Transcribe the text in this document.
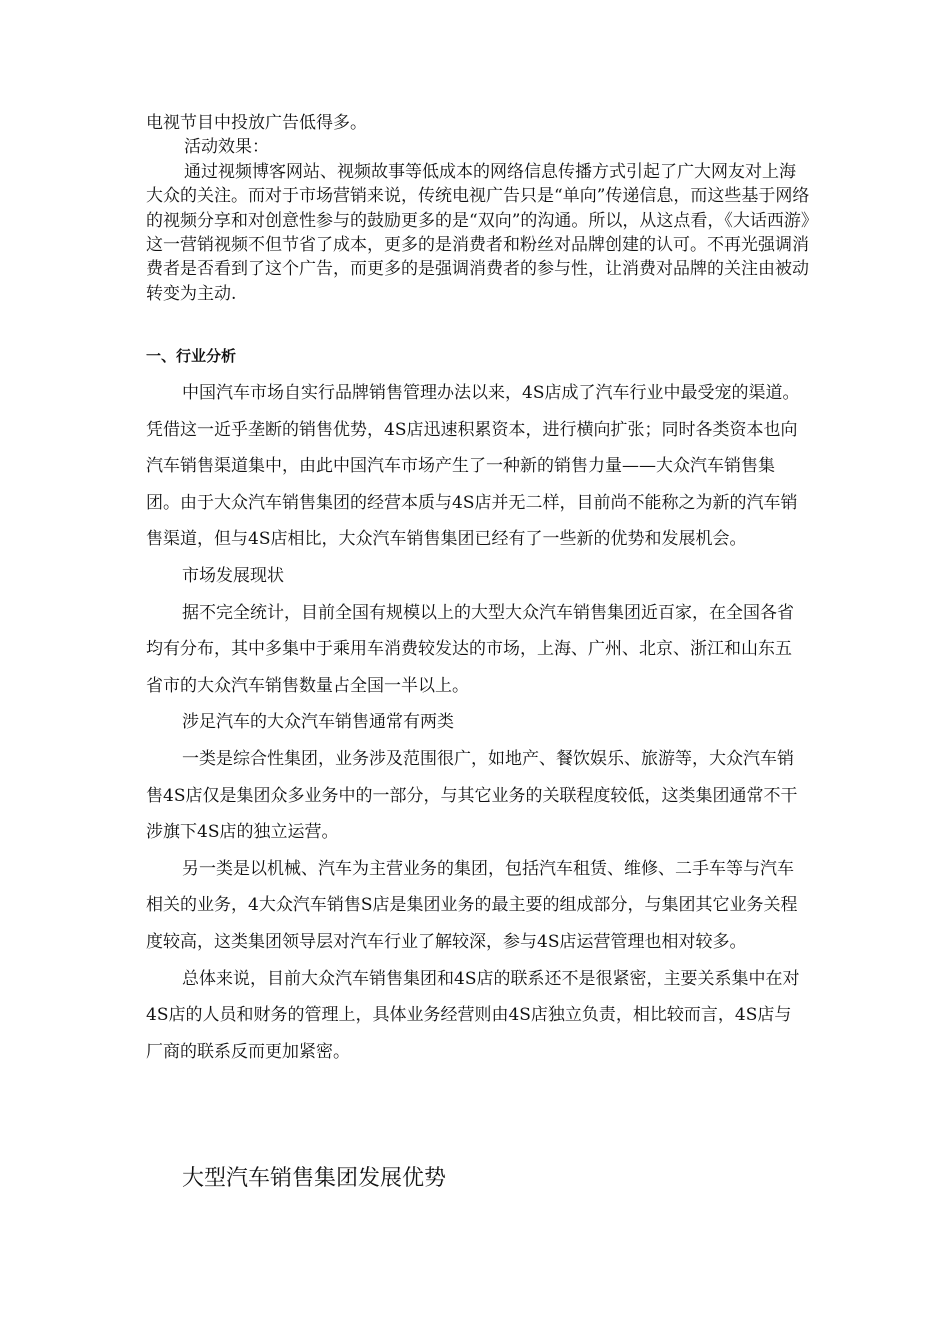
电视节目中投放广告低得多。

活动效果：

通过视频博客网站、视频故事等低成本的网络信息传播方式引起了广大网友对上海大众的关注。而对于市场营销来说，传统电视广告只是“单向”传递信息，而这些基于网络的视频分享和对创意性参与的鼓励更多的是“双向”的沟通。所以，从这点看，《大话西游》这一营销视频不但节省了成本，更多的是消费者和粉丝对品牌创建的认可。不再光强调消费者是否看到了这个广告，而更多的是强调消费者的参与性，让消费对品牌的关注由被动转变为主动.

一、行业分析

中国汽车市场自实行品牌销售管理办法以来，4S店成了汽车行业中最受宠的渠道。凭借这一近乎垄断的销售优势，4S店迅速积累资本，进行横向扩张；同时各类资本也向汽车销售渠道集中，由此中国汽车市场产生了一种新的销售力量——大众汽车销售集团。由于大众汽车销售集团的经营本质与4S店并无二样，目前尚不能称之为新的汽车销售渠道，但与4S店相比，大众汽车销售集团已经有了一些新的优势和发展机会。

市场发展现状

据不完全统计，目前全国有规模以上的大型大众汽车销售集团近百家，在全国各省均有分布，其中多集中于乘用车消费较发达的市场，上海、广州、北京、浙江和山东五省市的大众汽车销售数量占全国一半以上。

涉足汽车的大众汽车销售通常有两类

一类是综合性集团，业务涉及范围很广，如地产、餐饮娱乐、旅游等，大众汽车销售4S店仅是集团众多业务中的一部分，与其它业务的关联程度较低，这类集团通常不干涉旗下4S店的独立运营。

另一类是以机械、汽车为主营业务的集团，包括汽车租赁、维修、二手车等与汽车相关的业务，4大众汽车销售S店是集团业务的最主要的组成部分，与集团其它业务关程度较高，这类集团领导层对汽车行业了解较深，参与4S店运营管理也相对较多。

总体来说，目前大众汽车销售集团和4S店的联系还不是很紧密，主要关系集中在对4S店的人员和财务的管理上，具体业务经营则由4S店独立负责，相比较而言，4S店与厂商的联系反而更加紧密。

大型汽车销售集团发展优势
